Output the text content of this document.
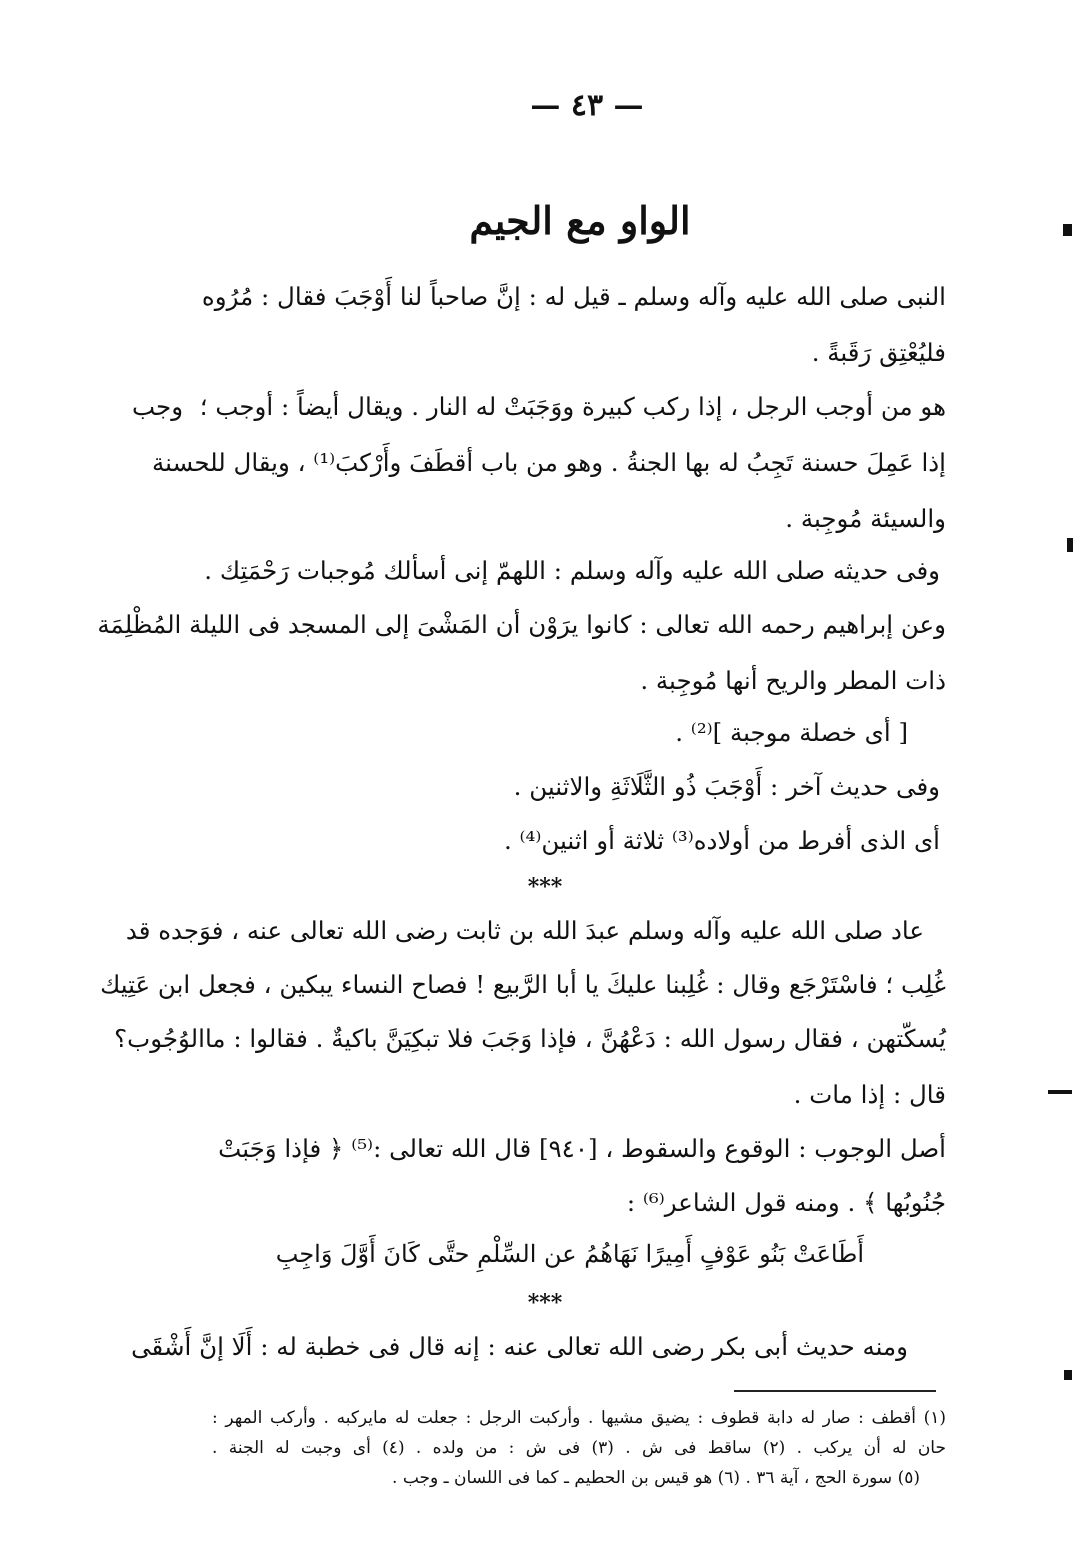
— ٤٣ —
الواو مع الجيم
وجب
النبى صلى الله عليه وآله وسلم ـ قيل له : إنَّ صاحباً لنا أَوْجَبَ فقال : مُرُوه
فليُعْتِق رَقَبةً .
هو من أوجب الرجل ، إذا ركب كبيرة ووَجَبَتْ له النار . ويقال أيضاً : أوجب ؛
إذا عَمِلَ حسنة تَجِبُ له بها الجنةُ . وهو من باب أقطَفَ وأَرْكبَ⁽¹⁾ ، ويقال للحسنة
والسيئة مُوجِبة .
وفى حديثه صلى الله عليه وآله وسلم : اللهمّ إنى أسألك مُوجبات رَحْمَتِك .
وعن إبراهيم رحمه الله تعالى : كانوا يرَوْن أن المَشْىَ إلى المسجد فى الليلة المُظْلِمَة
ذات المطر والريح أنها مُوجِبة .
[ أى خصلة موجبة ]⁽²⁾ .
وفى حديث آخر : أَوْجَبَ ذُو الثَّلَاثَةِ والاثنين .
أى الذى أفرط من أولاده⁽³⁾ ثلاثة أو اثنين⁽⁴⁾ .
***
عاد صلى الله عليه وآله وسلم عبدَ الله بن ثابت رضى الله تعالى عنه ، فوَجده قد
غُلِب ؛ فاسْتَرْجَع وقال : غُلِبنا عليكَ يا أبا الرَّبيع ! فصاح النساء يبكين ، فجعل ابن عَتِيك
يُسكّتهن ، فقال رسول الله : دَعْهُنَّ ، فإذا وَجَبَ فلا تبكِيَنَّ باكيةٌ . فقالوا : ماالوُجُوب؟
قال : إذا مات .
أصل الوجوب : الوقوع والسقوط ، [٩٤٠] قال الله تعالى :⁽⁵⁾ ﴿ فإذا وَجَبَتْ
جُنُوبُها ﴾ . ومنه قول الشاعر⁽⁶⁾ :
أَطَاعَتْ بَنُو عَوْفٍ أَمِيرًا نَهَاهُمُ عن السِّلْمِ حتَّى كَانَ أَوَّلَ وَاجِبِ
***
ومنه حديث أبى بكر رضى الله تعالى عنه : إنه قال فى خطبة له : أَلَا إنَّ أَشْقَى
(١) أقطف : صار له دابة قطوف : يضيق مشيها . وأركبت الرجل : جعلت له مايركبه . وأركب المهر :
حان له أن يركب . (٢) ساقط فى ش . (٣) فى ش : من ولده . (٤) أى وجبت له الجنة .
(٥) سورة الحج ، آية ٣٦ . (٦) هو قيس بن الحطيم ـ كما فى اللسان ـ وجب .
